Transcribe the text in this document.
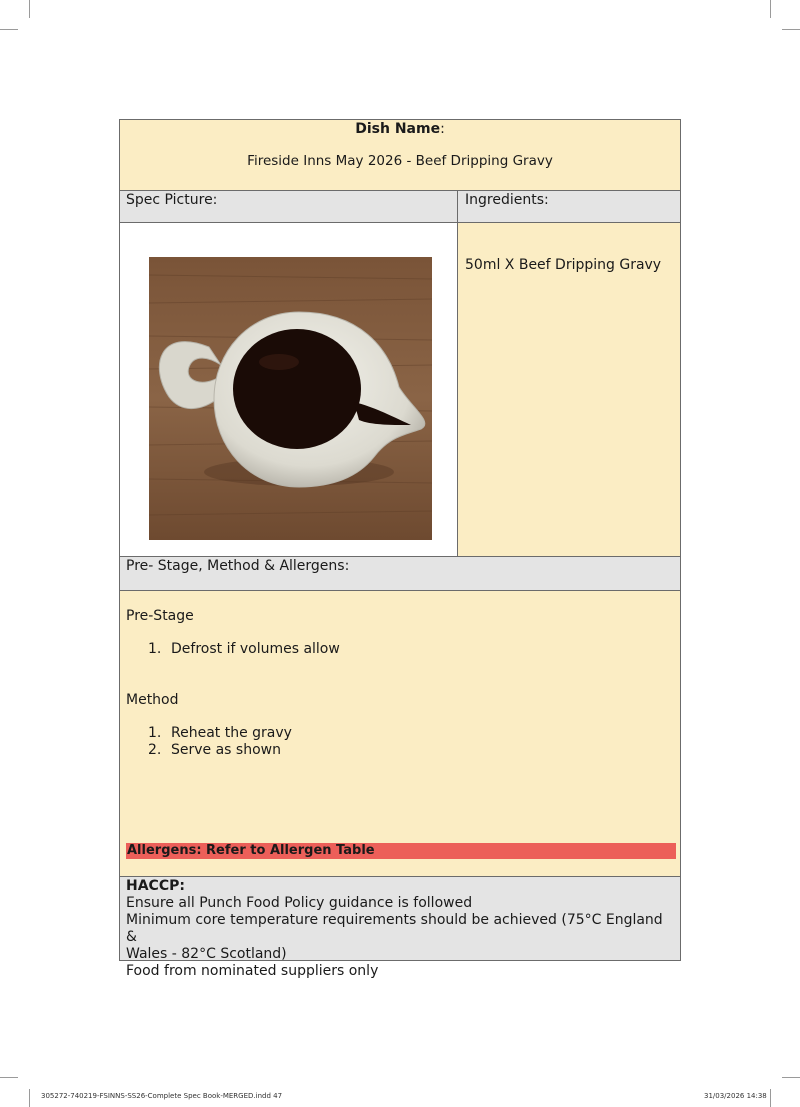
Dish Name:
Fireside Inns May 2026 - Beef Dripping Gravy
Spec Picture:	Ingredients:
50ml X Beef Dripping Gravy
Pre- Stage, Method & Allergens:
Pre-Stage
1. Defrost if volumes allow
Method
1. Reheat the gravy
2. Serve as shown
Allergens: Refer to Allergen Table
HACCP:
Ensure all Punch Food Policy guidance is followed
Minimum core temperature requirements should be achieved (75°C England &
Wales - 82°C Scotland)
Food from nominated suppliers only
305272-740219-FSINNS-SS26-Complete Spec Book-MERGED.indd 47	31/03/2026 14:38
